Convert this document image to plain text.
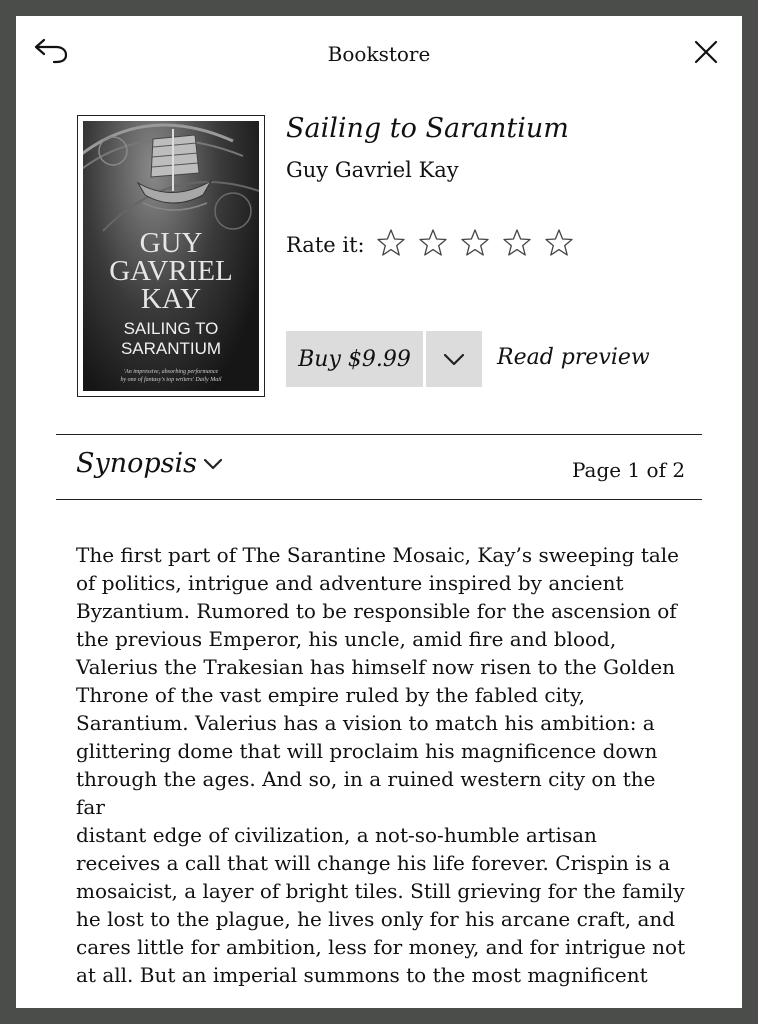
Bookstore
GUY
GAVRIEL
KAY
SAILING TO
SARANTIUM
'An impressive, absorbing performance
by one of fantasy's top writers' Daily Mail
Sailing to Sarantium
Guy Gavriel Kay
Rate it:
Buy $9.99	Read preview
Synopsis	Page 1 of 2
The first part of The Sarantine Mosaic, Kay’s sweeping tale
of politics, intrigue and adventure inspired by ancient
Byzantium. Rumored to be responsible for the ascension of
the previous Emperor, his uncle, amid fire and blood,
Valerius the Trakesian has himself now risen to the Golden
Throne of the vast empire ruled by the fabled city,
Sarantium. Valerius has a vision to match his ambition: a
glittering dome that will proclaim his magnificence down
through the ages. And so, in a ruined western city on the far
distant edge of civilization, a not-so-humble artisan
receives a call that will change his life forever. Crispin is a
mosaicist, a layer of bright tiles. Still grieving for the family
he lost to the plague, he lives only for his arcane craft, and
cares little for ambition, less for money, and for intrigue not
at all. But an imperial summons to the most magnificent
